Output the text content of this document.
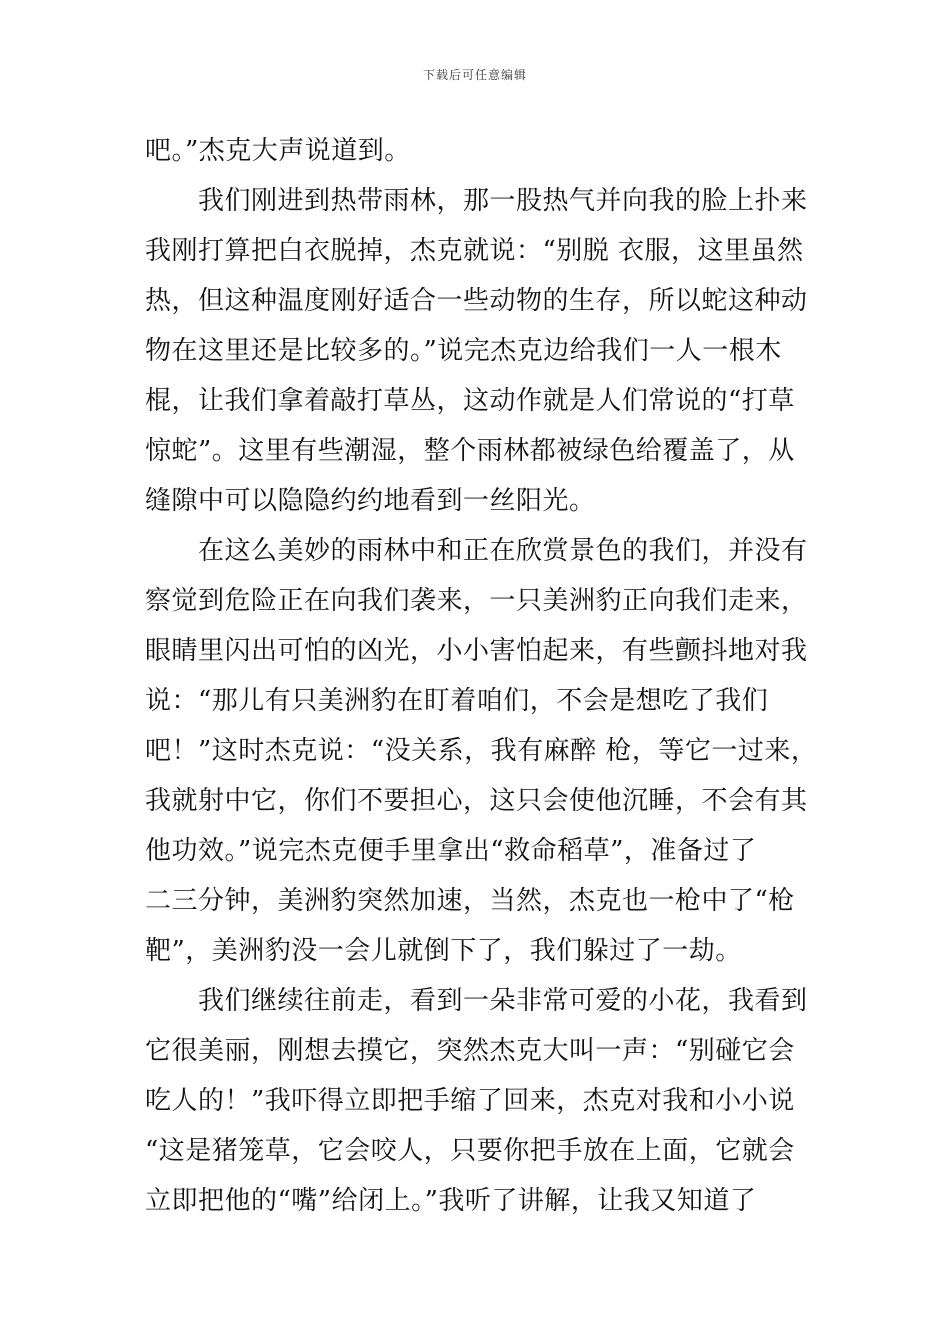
下载后可任意编辑
吧。”杰克大声说道到。
我们刚进到热带雨林，那一股热气并向我的脸上扑来
我刚打算把白衣脱掉，杰克就说：“别脱 衣服，这里虽然
热，但这种温度刚好适合一些动物的生存，所以蛇这种动
物在这里还是比较多的。”说完杰克边给我们一人一根木
棍，让我们拿着敲打草丛，这动作就是人们常说的“打草
惊蛇”。这里有些潮湿，整个雨林都被绿色给覆盖了，从
缝隙中可以隐隐约约地看到一丝阳光。
在这么美妙的雨林中和正在欣赏景色的我们，并没有
察觉到危险正在向我们袭来，一只美洲豹正向我们走来，
眼睛里闪出可怕的凶光，小小害怕起来，有些颤抖地对我
说：“那儿有只美洲豹在盯着咱们，不会是想吃了我们
吧！”这时杰克说：“没关系，我有麻醉 枪，等它一过来，
我就射中它，你们不要担心，这只会使他沉睡，不会有其
他功效。”说完杰克便手里拿出“救命稻草”，准备过了
二三分钟，美洲豹突然加速，当然，杰克也一枪中了“枪
靶”，美洲豹没一会儿就倒下了，我们躲过了一劫。
我们继续往前走，看到一朵非常可爱的小花，我看到
它很美丽，刚想去摸它，突然杰克大叫一声：“别碰它会
吃人的！”我吓得立即把手缩了回来，杰克对我和小小说
“这是猪笼草，它会咬人，只要你把手放在上面，它就会
立即把他的“嘴”给闭上。”我听了讲解，让我又知道了
